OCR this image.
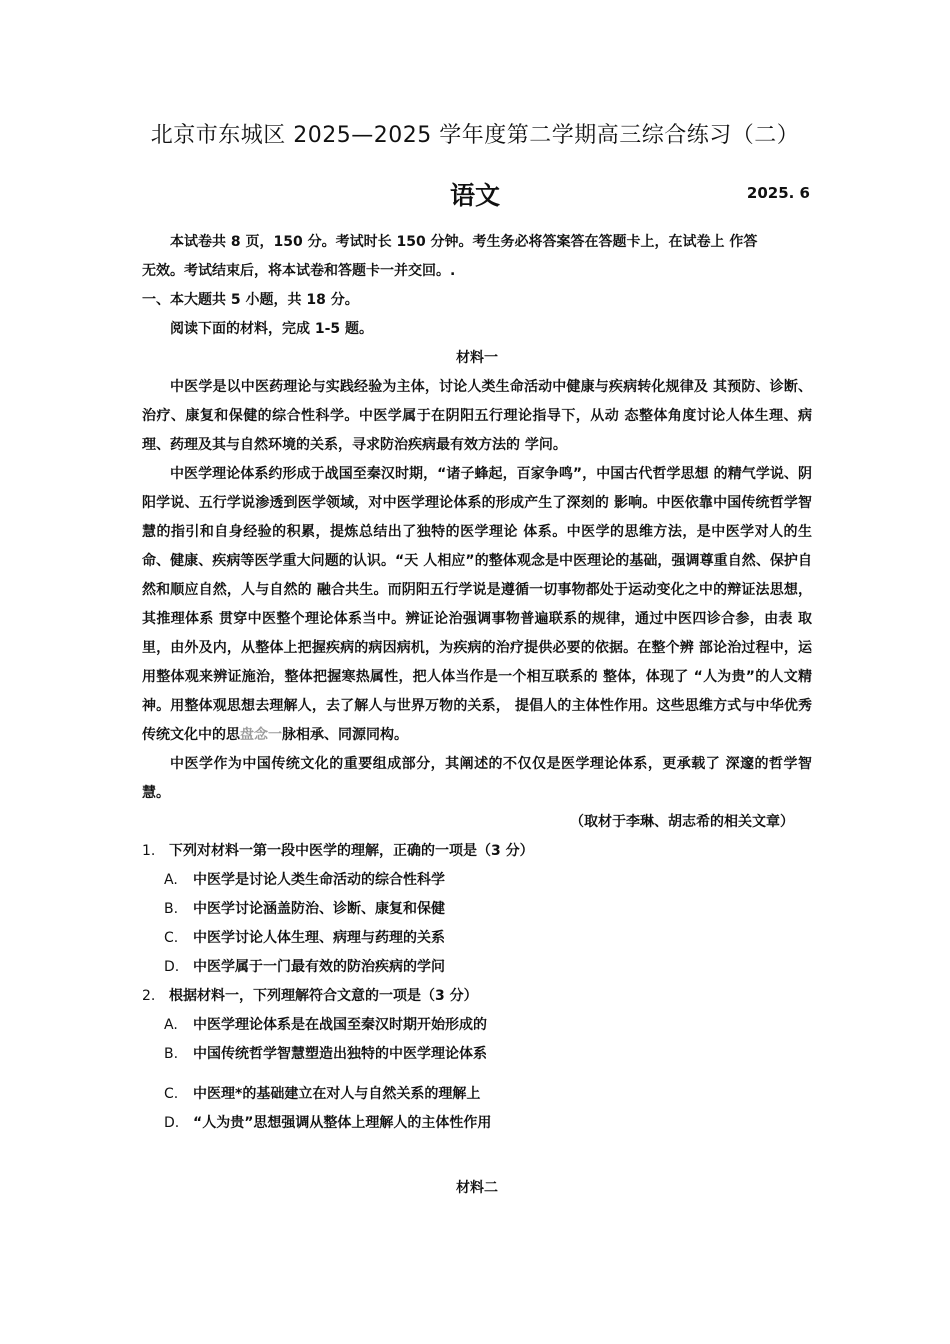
北京市东城区 2025—2025 学年度第二学期高三综合练习（二）
语文	2025. 6

本试卷共 8 页，150 分。考试时长 150 分钟。考生务必将答案答在答题卡上，在试卷上 作答

无效。考试结束后，将本试卷和答题卡一并交回。.

一、本大题共 5 小题，共 18 分。

阅读下面的材料，完成 1-5 题。

材料一

中医学是以中医药理论与实践经验为主体，讨论人类生命活动中健康与疾病转化规律及 其预防、诊断、治疗、康复和保健的综合性科学。中医学属于在阴阳五行理论指导下，从动 态整体角度讨论人体生理、病理、药理及其与自然环境的关系，寻求防治疾病最有效方法的 学问。

中医学理论体系约形成于战国至秦汉时期，“诸子蜂起，百家争鸣”，中国古代哲学思想 的精气学说、阴阳学说、五行学说渗透到医学领域，对中医学理论体系的形成产生了深刻的 影响。中医依靠中国传统哲学智慧的指引和自身经验的积累，提炼总结出了独特的医学理论 体系。中医学的思维方法，是中医学对人的生命、健康、疾病等医学重大问题的认识。“天 人相应”的整体观念是中医理论的基础，强调尊重自然、保护自然和顺应自然，人与自然的 融合共生。而阴阳五行学说是遵循一切事物都处于运动变化之中的辩证法思想，其推理体系 贯穿中医整个理论体系当中。辨证论治强调事物普遍联系的规律，通过中医四诊合参，由表 取里，由外及内，从整体上把握疾病的病因病机，为疾病的治疗提供必要的依据。在整个辨 部论治过程中，运用整体观来辨证施治，整体把握寒热属性，把人体当作是一个相互联系的 整体，体现了 “人为贵”的人文精神。用整体观思想去理解人，去了解人与世界万物的关系， 提倡人的主体性作用。这些思维方式与中华优秀传统文化中的思盘念一脉相承、同源同构。

中医学作为中国传统文化的重要组成部分，其阐述的不仅仅是医学理论体系，更承载了 深邃的哲学智慧。

（取材于李琳、胡志希的相关文章）

1. 下列对材料一第一段中医学的理解，正确的一项是（3 分）
A.	中医学是讨论人类生命活动的综合性科学
B.	中医学讨论涵盖防治、诊断、康复和保健
C.	中医学讨论人体生理、病理与药理的关系
D. 中医学属于一门最有效的防治疾病的学问
2. 根据材料一，下列理解符合文意的一项是（3 分）
A.	中医学理论体系是在战国至秦汉时期开始形成的
B.	中国传统哲学智慧塑造出独特的中医学理论体系
C.	中医理*的基础建立在对人与自然关系的理解上
D. “人为贵”思想强调从整体上理解人的主体性作用

材料二
